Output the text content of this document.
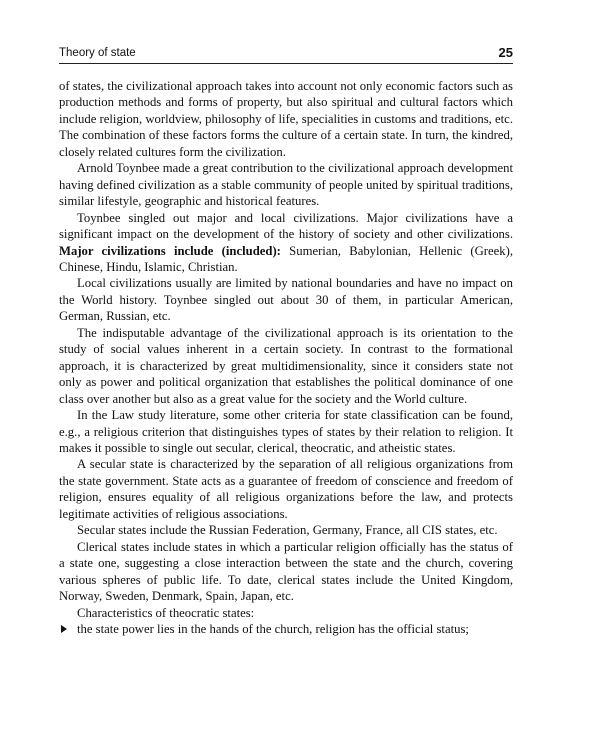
Theory of state	25

of states, the civilizational approach takes into account not only economic factors such as production methods and forms of property, but also spiritual and cultural factors which include religion, worldview, philosophy of life, specialities in customs and traditions, etc. The combination of these factors forms the culture of a certain state. In turn, the kindred, closely related cultures form the civilization.

Arnold Toynbee made a great contribution to the civilizational approach development having defined civilization as a stable community of people united by spiritual traditions, similar lifestyle, geographic and historical features.

Toynbee singled out major and local civilizations. Major civilizations have a significant impact on the development of the history of society and other civilizations. Major civilizations include (included): Sumerian, Babylonian, Hellenic (Greek), Chinese, Hindu, Islamic, Christian.

Local civilizations usually are limited by national boundaries and have no impact on the World history. Toynbee singled out about 30 of them, in particular American, German, Russian, etc.

The indisputable advantage of the civilizational approach is its orientation to the study of social values inherent in a certain society. In contrast to the formational approach, it is characterized by great multidimensionality, since it considers state not only as power and political organization that establishes the political dominance of one class over another but also as a great value for the society and the World culture.

In the Law study literature, some other criteria for state classification can be found, e.g., a religious criterion that distinguishes types of states by their relation to religion. It makes it possible to single out secular, clerical, theocratic, and atheistic states.

A secular state is characterized by the separation of all religious organizations from the state government. State acts as a guarantee of freedom of conscience and freedom of religion, ensures equality of all religious organizations before the law, and protects legitimate activities of religious associations.

Secular states include the Russian Federation, Germany, France, all CIS states, etc.

Clerical states include states in which a particular religion officially has the status of a state one, suggesting a close interaction between the state and the church, covering various spheres of public life. To date, clerical states include the United Kingdom, Norway, Sweden, Denmark, Spain, Japan, etc.

Characteristics of theocratic states:

the state power lies in the hands of the church, religion has the official status;
